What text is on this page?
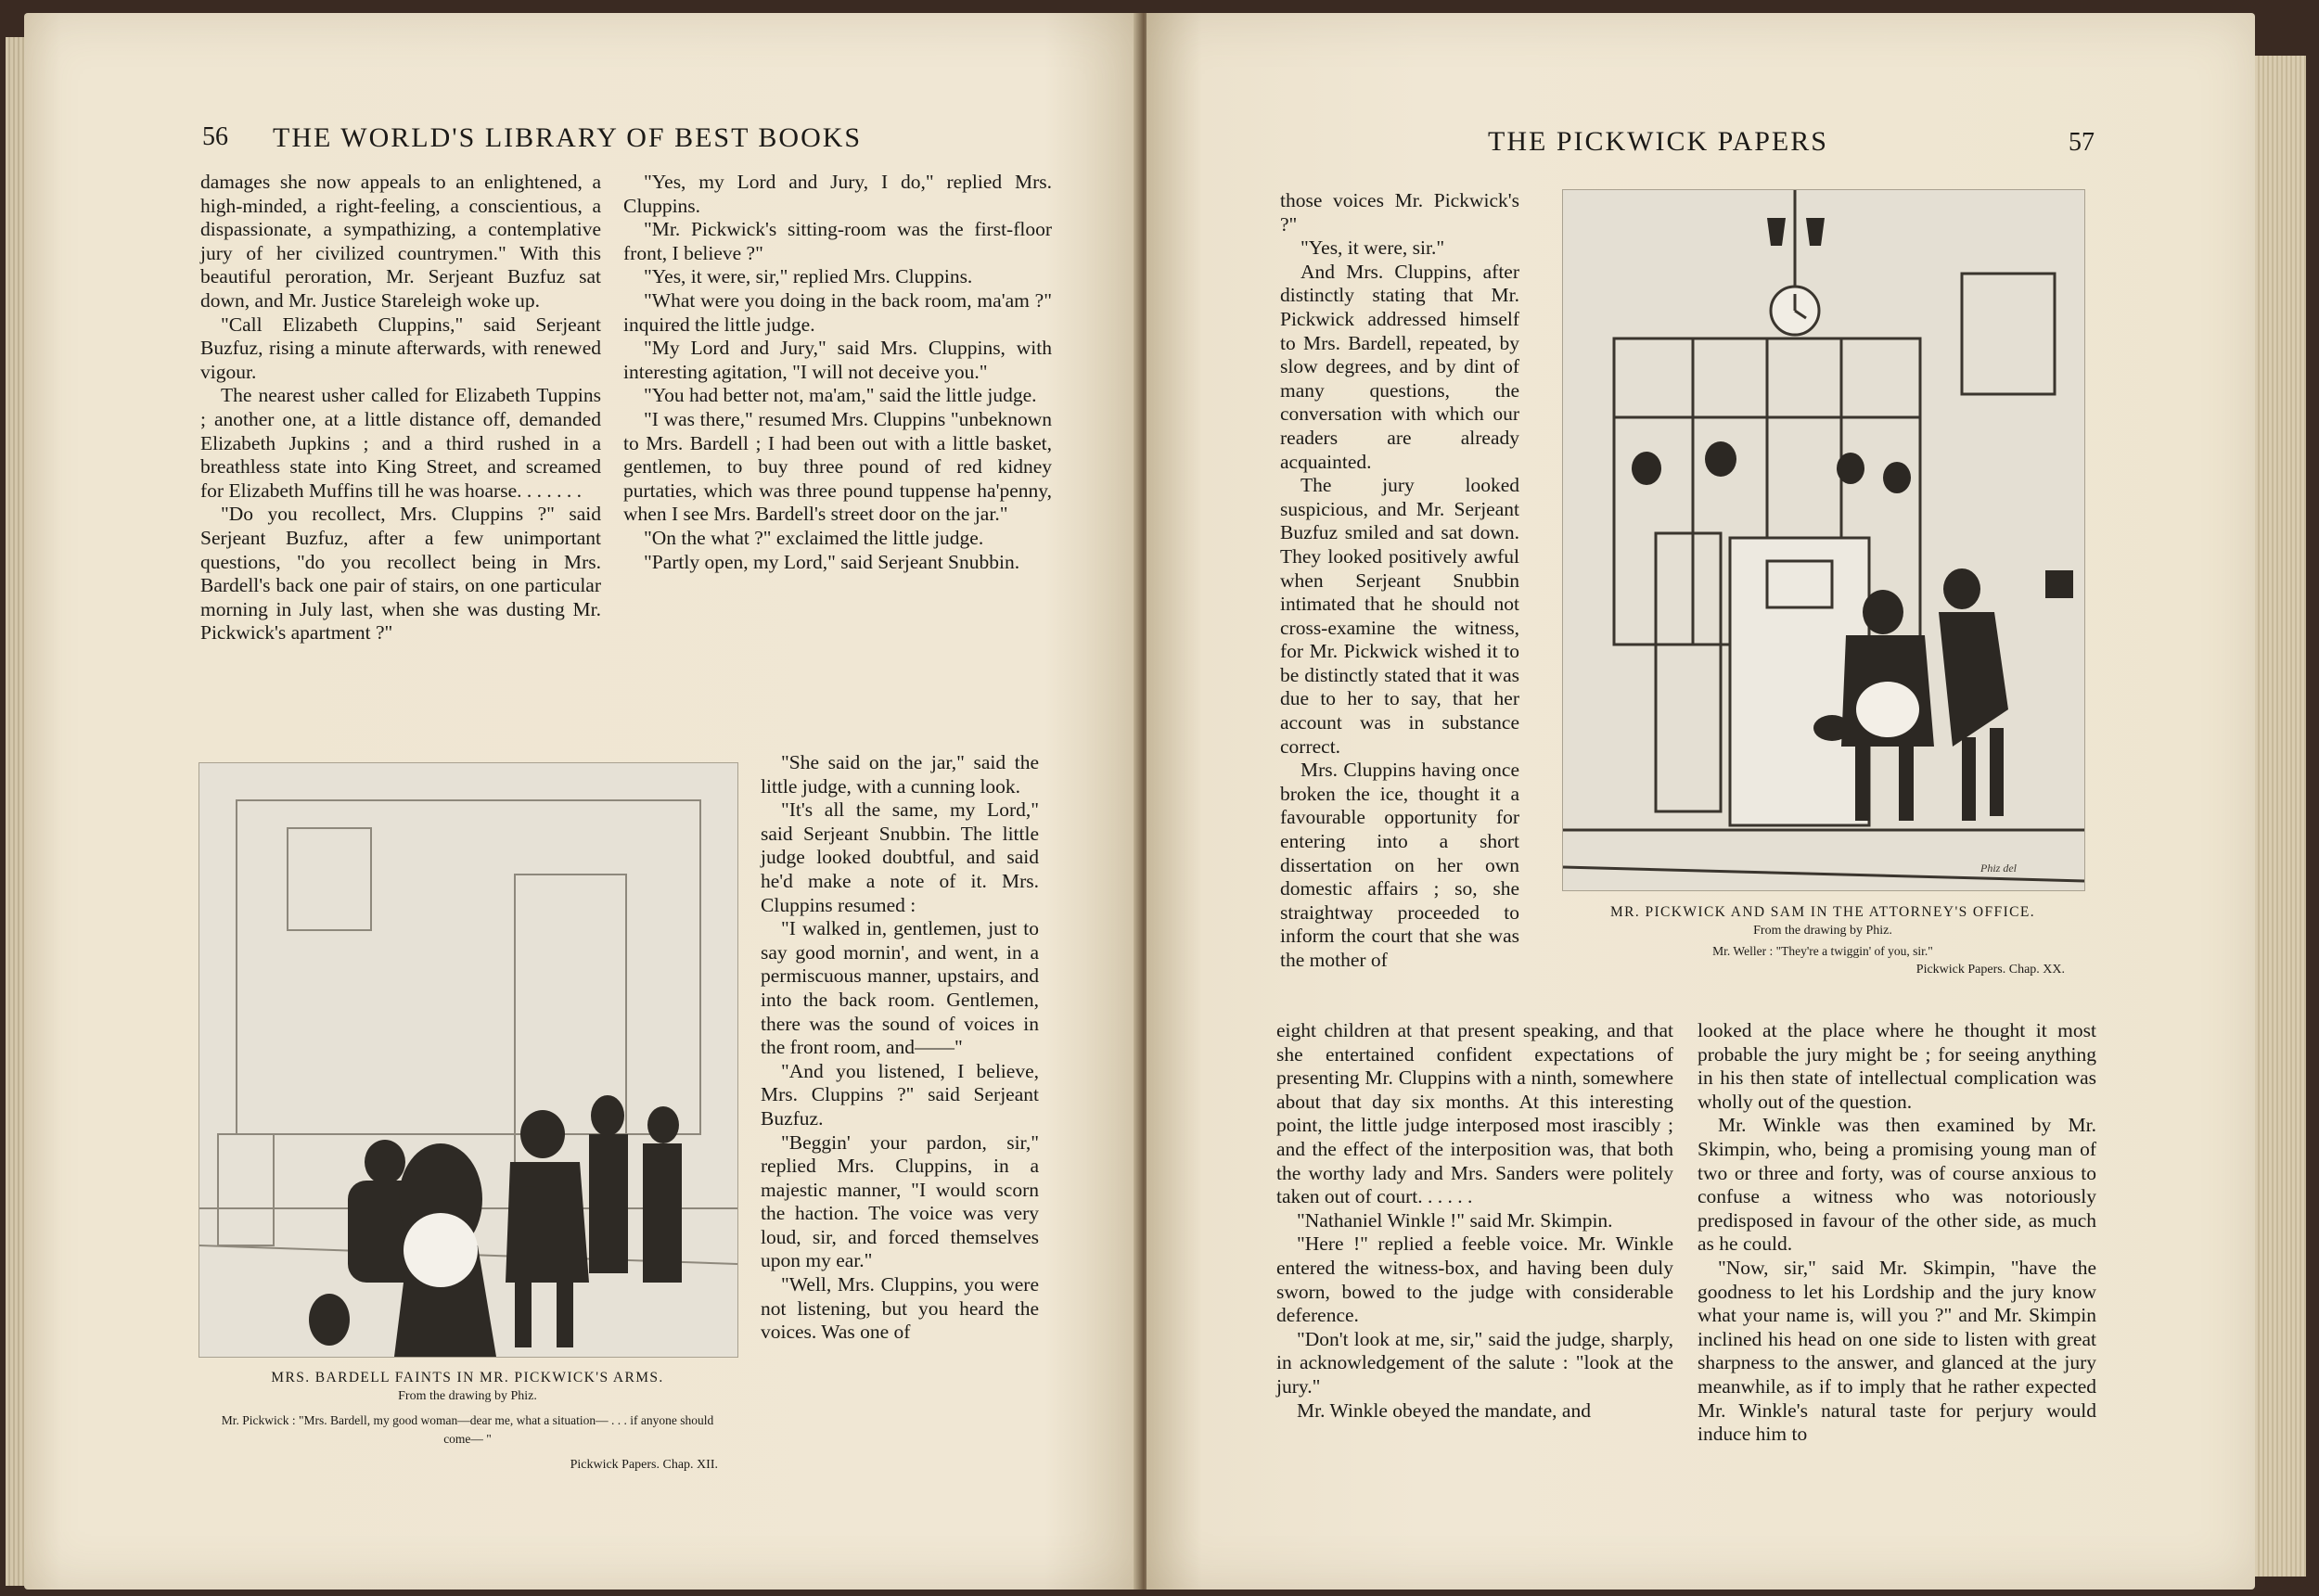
56 THE WORLD'S LIBRARY OF BEST BOOKS

damages she now appeals to an enlightened, a high-minded, a right-feeling, a conscientious, a dispassionate, a sympathizing, a contemplative jury of her civilized countrymen." With this beautiful peroration, Mr. Serjeant Buzfuz sat down, and Mr. Justice Stareleigh woke up.

"Call Elizabeth Cluppins," said Serjeant Buzfuz, rising a minute afterwards, with renewed vigour.

The nearest usher called for Elizabeth Tuppins ; another one, at a little distance off, demanded Elizabeth Jupkins ; and a third rushed in a breathless state into King Street, and screamed for Elizabeth Muffins till he was hoarse. . . . . . .

"Do you recollect, Mrs. Cluppins ?" said Serjeant Buzfuz, after a few unimportant questions, "do you recollect being in Mrs. Bardell's back one pair of stairs, on one particular morning in July last, when she was dusting Mr. Pickwick's apartment ?"

"Yes, my Lord and Jury, I do," replied Mrs. Cluppins.

"Mr. Pickwick's sitting-room was the first-floor front, I believe ?"

"Yes, it were, sir," replied Mrs. Cluppins.

"What were you doing in the back room, ma'am ?" inquired the little judge.

"My Lord and Jury," said Mrs. Cluppins, with interesting agitation, "I will not deceive you."

"You had better not, ma'am," said the little judge.

"I was there," resumed Mrs. Cluppins "unbeknown to Mrs. Bardell ; I had been out with a little basket, gentlemen, to buy three pound of red kidney purtaties, which was three pound tuppense ha'penny, when I see Mrs. Bardell's street door on the jar."

"On the what ?" exclaimed the little judge.

"Partly open, my Lord," said Serjeant Snubbin.

MRS. BARDELL FAINTS IN MR. PICKWICK'S ARMS.
From the drawing by Phiz.
Mr. Pickwick : "Mrs. Bardell, my good woman—dear me, what a situation— . . . if anyone should come— "
Pickwick Papers. Chap. XII.

"She said on the jar," said the little judge, with a cunning look.

"It's all the same, my Lord," said Serjeant Snubbin. The little judge looked doubtful, and said he'd make a note of it. Mrs. Cluppins resumed :

"I walked in, gentlemen, just to say good mornin', and went, in a permiscuous manner, upstairs, and into the back room. Gentlemen, there was the sound of voices in the front room, and——"

"And you listened, I believe, Mrs. Cluppins ?" said Serjeant Buzfuz.

"Beggin' your pardon, sir," replied Mrs. Cluppins, in a majestic manner, "I would scorn the haction. The voice was very loud, sir, and forced themselves upon my ear."

"Well, Mrs. Cluppins, you were not listening, but you heard the voices. Was one of

THE PICKWICK PAPERS	57

those voices Mr. Pickwick's ?"

"Yes, it were, sir."

And Mrs. Cluppins, after distinctly stating that Mr. Pickwick addressed himself to Mrs. Bardell, repeated, by slow degrees, and by dint of many questions, the conversation with which our readers are already acquainted.

The jury looked suspicious, and Mr. Serjeant Buzfuz smiled and sat down. They looked positively awful when Serjeant Snubbin intimated that he should not cross-examine the witness, for Mr. Pickwick wished it to be distinctly stated that it was due to her to say, that her account was in substance correct.

Mrs. Cluppins having once broken the ice, thought it a favourable opportunity for entering into a short dissertation on her own domestic affairs ; so, she straightway proceeded to inform the court that she was the mother of

Phiz del
MR. PICKWICK AND SAM IN THE ATTORNEY'S OFFICE.
From the drawing by Phiz.
Mr. Weller : "They're a twiggin' of you, sir."
Pickwick Papers. Chap. XX.

eight children at that present speaking, and that she entertained confident expectations of presenting Mr. Cluppins with a ninth, somewhere about that day six months. At this interesting point, the little judge interposed most irascibly ; and the effect of the interposition was, that both the worthy lady and Mrs. Sanders were politely taken out of court. . . . . .

"Nathaniel Winkle !" said Mr. Skimpin.

"Here !" replied a feeble voice. Mr. Winkle entered the witness-box, and having been duly sworn, bowed to the judge with considerable deference.

"Don't look at me, sir," said the judge, sharply, in acknowledgement of the salute : "look at the jury."

Mr. Winkle obeyed the mandate, and

looked at the place where he thought it most probable the jury might be ; for seeing anything in his then state of intellectual complication was wholly out of the question.

Mr. Winkle was then examined by Mr. Skimpin, who, being a promising young man of two or three and forty, was of course anxious to confuse a witness who was notoriously predisposed in favour of the other side, as much as he could.

"Now, sir," said Mr. Skimpin, "have the goodness to let his Lordship and the jury know what your name is, will you ?" and Mr. Skimpin inclined his head on one side to listen with great sharpness to the answer, and glanced at the jury meanwhile, as if to imply that he rather expected Mr. Winkle's natural taste for perjury would induce him to
